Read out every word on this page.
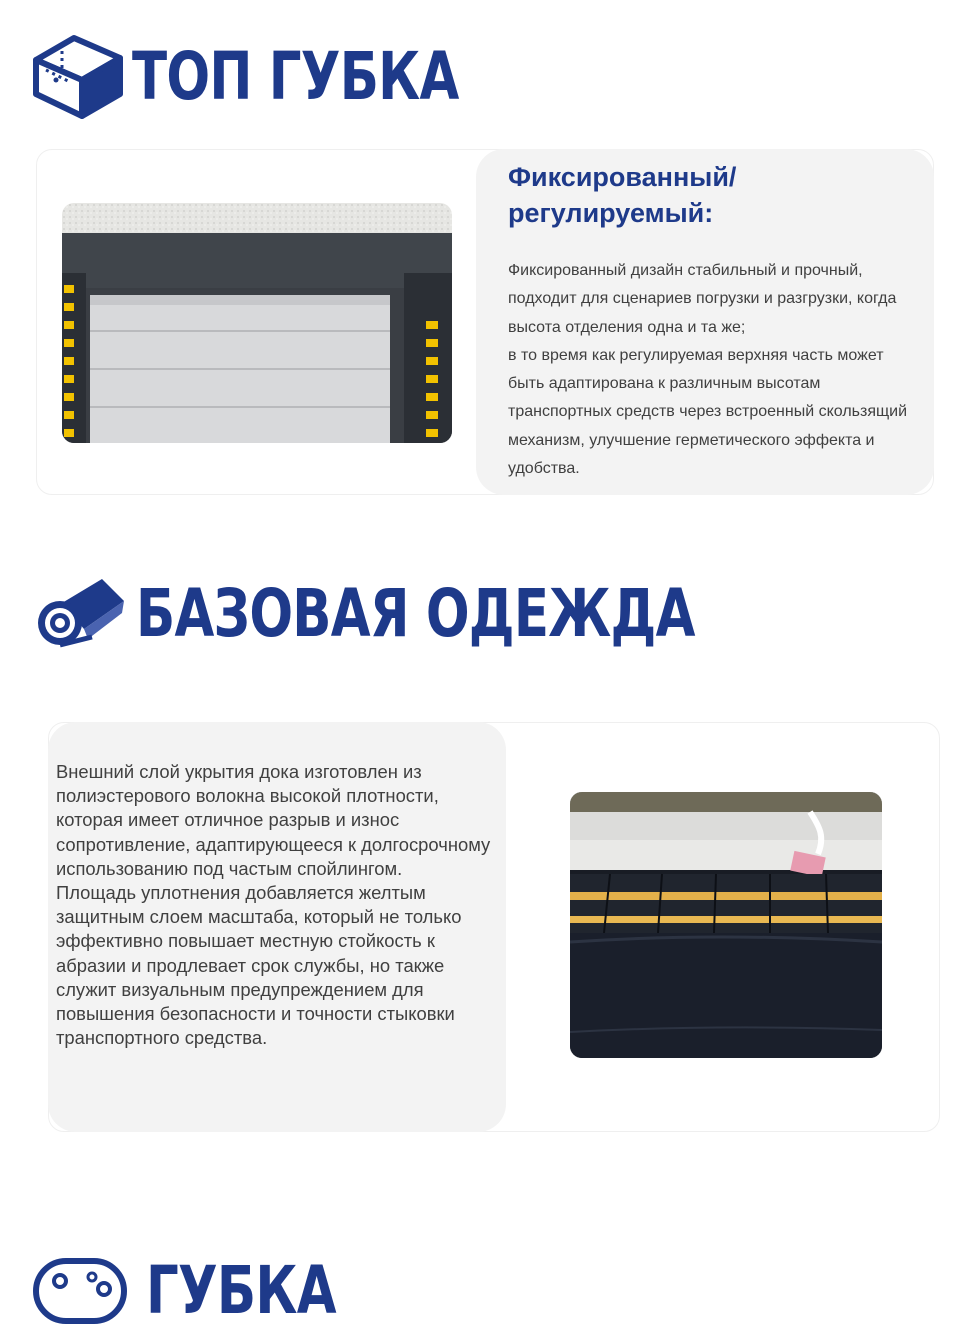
ТОП ГУБКА
Фиксированный/
регулируемый:

Фиксированный дизайн стабильный и прочный, подходит для сценариев погрузки и разгрузки, когда высота отделения одна и та же;

в то время как регулируемая верхняя часть может быть адаптирована к различным высотам транспортных средств через встроенный скользящий механизм, улучшение герметического эффекта и удобства.

БАЗОВАЯ ОДЕЖДА

Внешний слой укрытия дока изготовлен из полиэстерового волокна высокой плотности, которая имеет отличное разрыв и износ сопротивление, адаптирующееся к долгосрочному использованию под частым спойлингом.

Площадь уплотнения добавляется желтым защитным слоем масштаба, который не только эффективно повышает местную стойкость к абразии и продлевает срок службы, но также служит визуальным предупреждением для повышения безопасности и точности стыковки транспортного средства.

ГУБКА
